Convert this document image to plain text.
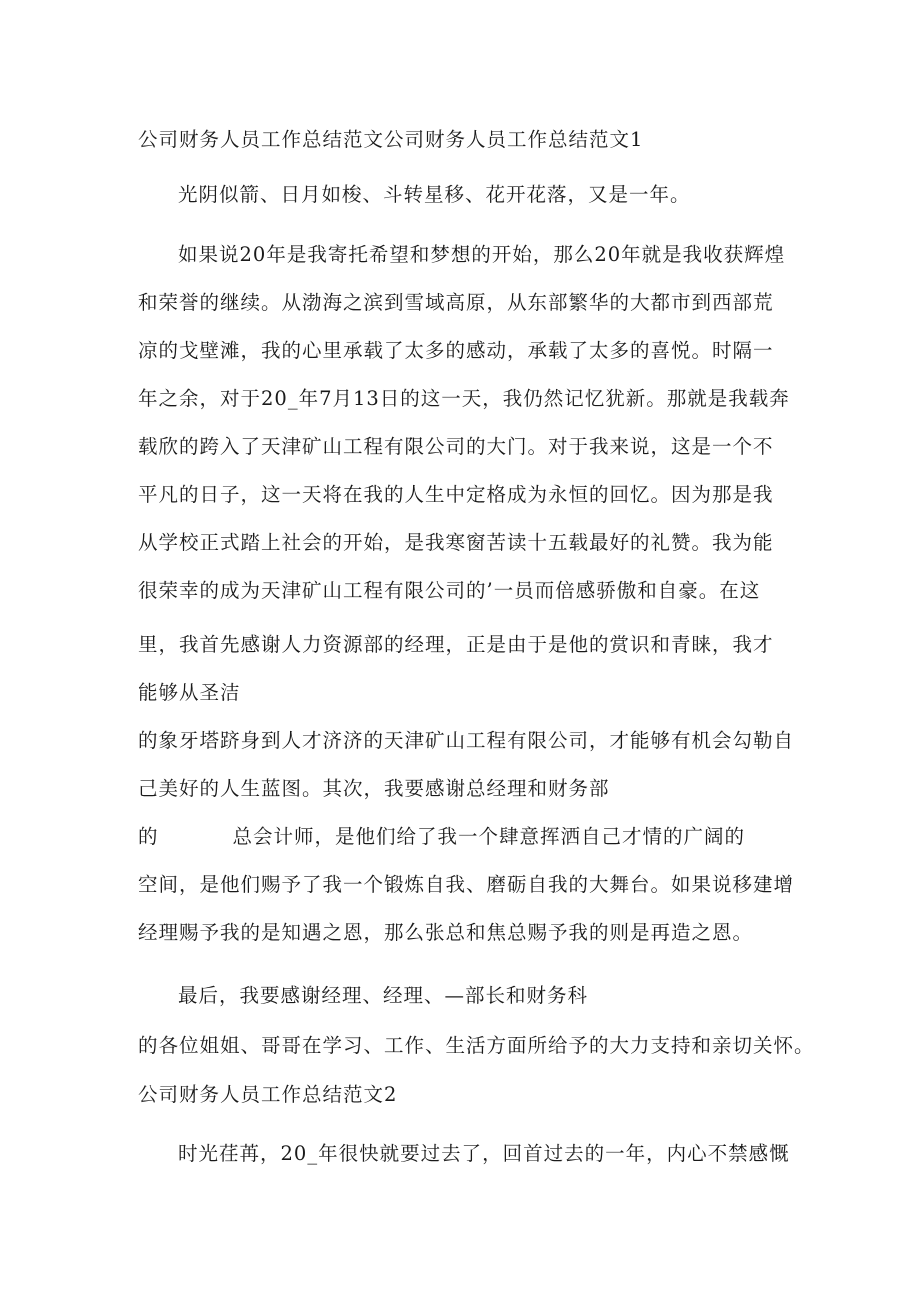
公司财务人员工作总结范文公司财务人员工作总结范文1
光阴似箭、日月如梭、斗转星移、花开花落，又是一年。
如果说20年是我寄托希望和梦想的开始，那么20年就是我收获辉煌
和荣誉的继续。从渤海之滨到雪域高原，从东部繁华的大都市到西部荒
凉的戈壁滩，我的心里承载了太多的感动，承载了太多的喜悦。时隔一
年之余，对于20_年7月13日的这一天，我仍然记忆犹新。那就是我载奔
载欣的跨入了天津矿山工程有限公司的大门。对于我来说，这是一个不
平凡的日子，这一天将在我的人生中定格成为永恒的回忆。因为那是我
从学校正式踏上社会的开始，是我寒窗苦读十五载最好的礼赞。我为能
很荣幸的成为天津矿山工程有限公司的’一员而倍感骄傲和自豪。在这
里，我首先感谢人力资源部的经理，正是由于是他的赏识和青睐，我才
能够从圣洁
的象牙塔跻身到人才济济的天津矿山工程有限公司，才能够有机会勾勒自
己美好的人生蓝图。其次，我要感谢总经理和财务部
的	总会计师，是他们给了我一个肆意挥洒自己才情的广阔的
空间，是他们赐予了我一个锻炼自我、磨砺自我的大舞台。如果说移建增
经理赐予我的是知遇之恩，那么张总和焦总赐予我的则是再造之恩。
最后，我要感谢经理、经理、—部长和财务科
的各位姐姐、哥哥在学习、工作、生活方面所给予的大力支持和亲切关怀。
公司财务人员工作总结范文2
时光荏苒，20_年很快就要过去了，回首过去的一年，内心不禁感慨
